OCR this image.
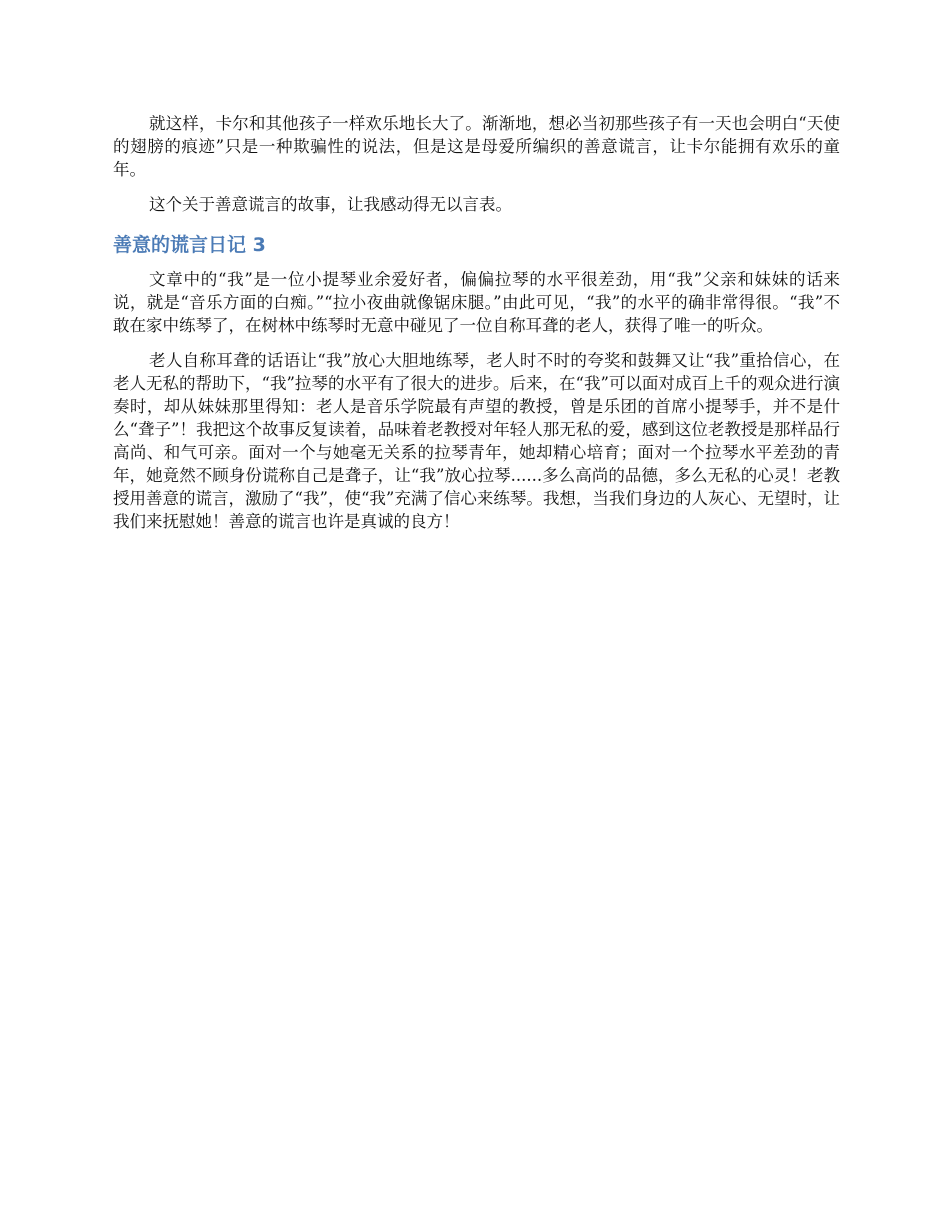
就这样，卡尔和其他孩子一样欢乐地长大了。渐渐地，想必当初那些孩子有一天也会明白“天使的翅膀的痕迹”只是一种欺骗性的说法，但是这是母爱所编织的善意谎言，让卡尔能拥有欢乐的童年。

这个关于善意谎言的故事，让我感动得无以言表。

善意的谎言日记 3

文章中的“我”是一位小提琴业余爱好者，偏偏拉琴的水平很差劲，用“我”父亲和妹妹的话来说，就是“音乐方面的白痴。”“拉小夜曲就像锯床腿。”由此可见，“我”的水平的确非常得很。“我”不敢在家中练琴了，在树林中练琴时无意中碰见了一位自称耳聋的老人，获得了唯一的听众。

老人自称耳聋的话语让“我”放心大胆地练琴，老人时不时的夸奖和鼓舞又让“我”重拾信心，在老人无私的帮助下，“我”拉琴的水平有了很大的进步。后来，在“我”可以面对成百上千的观众进行演奏时，却从妹妹那里得知：老人是音乐学院最有声望的教授，曾是乐团的首席小提琴手，并不是什么“聋子”！我把这个故事反复读着，品味着老教授对年轻人那无私的爱，感到这位老教授是那样品行高尚、和气可亲。面对一个与她毫无关系的拉琴青年，她却精心培育；面对一个拉琴水平差劲的青年，她竟然不顾身份谎称自己是聋子，让“我”放心拉琴......多么高尚的品德，多么无私的心灵！老教授用善意的谎言，激励了“我”，使“我”充满了信心来练琴。我想，当我们身边的人灰心、无望时，让我们来抚慰她！善意的谎言也许是真诚的良方！
